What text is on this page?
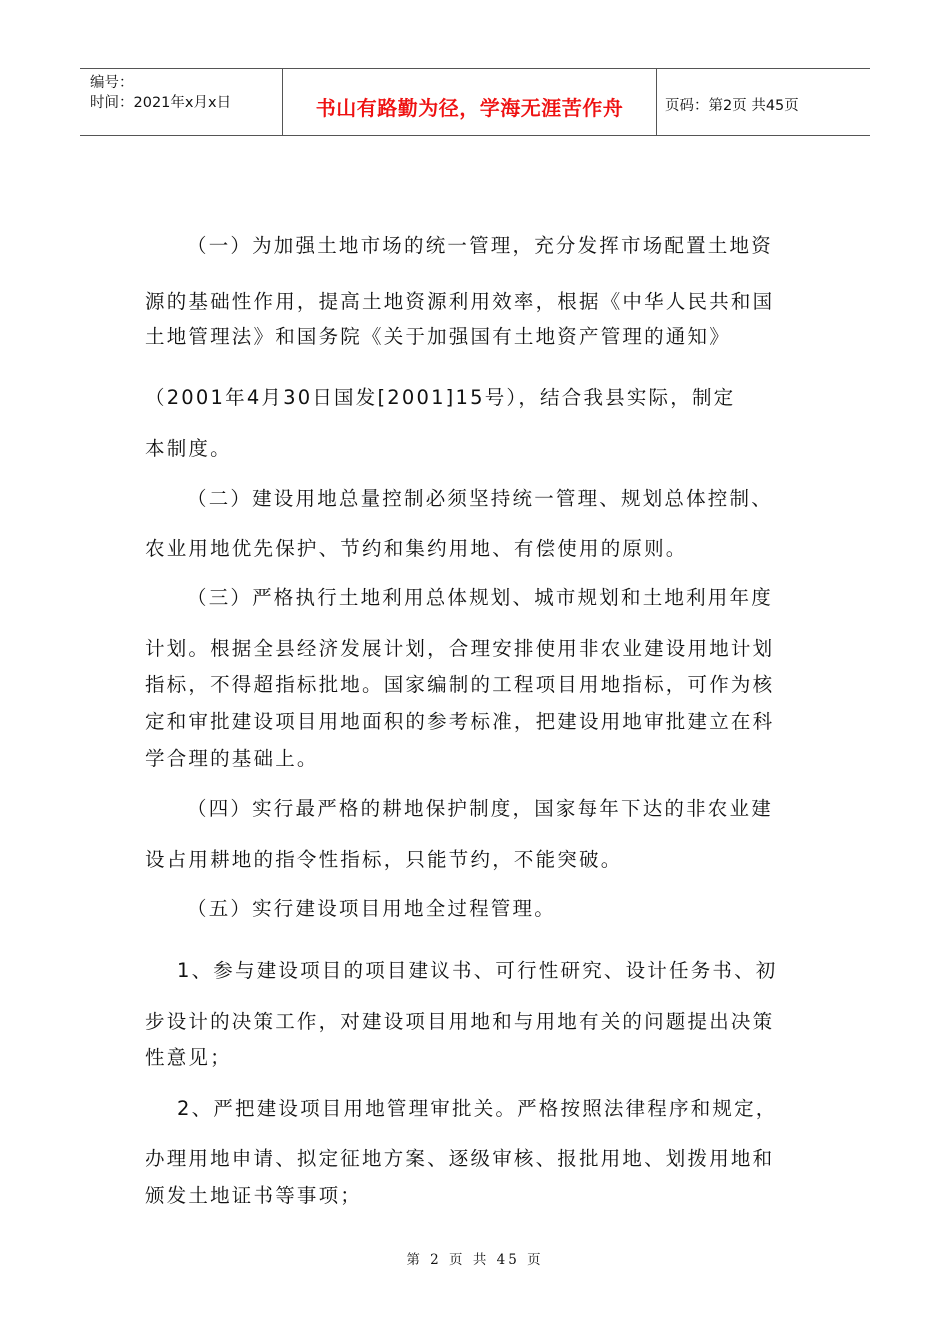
编号：
时间：2021年x月x日	书山有路勤为径，学海无涯苦作舟	页码：第2页 共45页
（一）为加强土地市场的统一管理，充分发挥市场配置土地资
源的基础性作用，提高土地资源利用效率，根据《中华人民共和国
土地管理法》和国务院《关于加强国有土地资产管理的通知》
（2001年4月30日国发[2001]15号），结合我县实际，制定
本制度。
（二）建设用地总量控制必须坚持统一管理、规划总体控制、
农业用地优先保护、节约和集约用地、有偿使用的原则。
（三）严格执行土地利用总体规划、城市规划和土地利用年度
计划。根据全县经济发展计划，合理安排使用非农业建设用地计划
指标，不得超指标批地。国家编制的工程项目用地指标，可作为核
定和审批建设项目用地面积的参考标准，把建设用地审批建立在科
学合理的基础上。
（四）实行最严格的耕地保护制度，国家每年下达的非农业建
设占用耕地的指令性指标，只能节约，不能突破。
（五）实行建设项目用地全过程管理。
1、参与建设项目的项目建议书、可行性研究、设计任务书、初
步设计的决策工作，对建设项目用地和与用地有关的问题提出决策
性意见；
2、严把建设项目用地管理审批关。严格按照法律程序和规定，
办理用地申请、拟定征地方案、逐级审核、报批用地、划拨用地和
颁发土地证书等事项；
第 2 页 共 45 页
